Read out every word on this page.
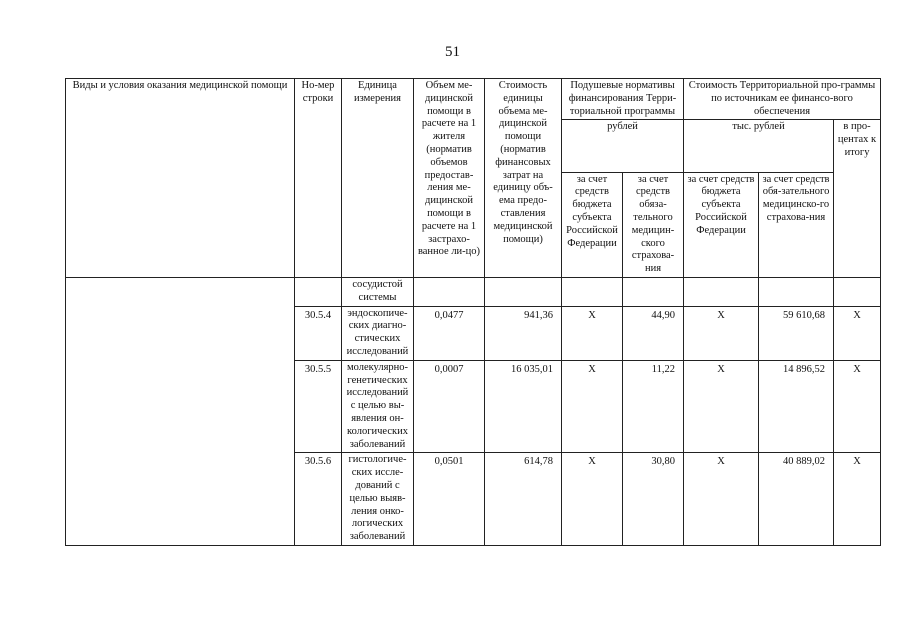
51
Виды и условия оказания медицинской помощи	Но-мер строки	Единица измерения	Объем ме-дицинской помощи в расчете на 1 жителя (норматив объемов предостав-ления ме-дицинской помощи в расчете на 1 застрахо-ванное ли-цо)	Стоимость единицы объема ме-дицинской помощи (норматив финансовых затрат на единицу объ-ема предо-ставления медицинской помощи)	Подушевые нормативы финансирования Терри-ториальной программы		Стоимость Территориальной про-граммы по источникам ее финансо-вого обеспечения		
					рублей		тыс. рублей		в про-центах к итогу
					за счет средств бюджета субъекта Российской Федерации	за счет средств обяза-тельного медицин-ского страхова-ния	за счет средств бюджета субъекта Российской Федерации	за счет средств обя-зательного медицинско-го страхова-ния	
		сосудистой системы							
	30.5.4	эндоскопиче-ских диагно-стических исследований	0,0477	941,36	X	44,90	X	59 610,68	X
	30.5.5	молекулярно-генетических исследований с целью вы-явления он-кологических заболеваний	0,0007	16 035,01	X	11,22	X	14 896,52	X
	30.5.6	гистологиче-ских иссле-дований с целью выяв-ления онко-логических заболеваний	0,0501	614,78	X	30,80	X	40 889,02	X
